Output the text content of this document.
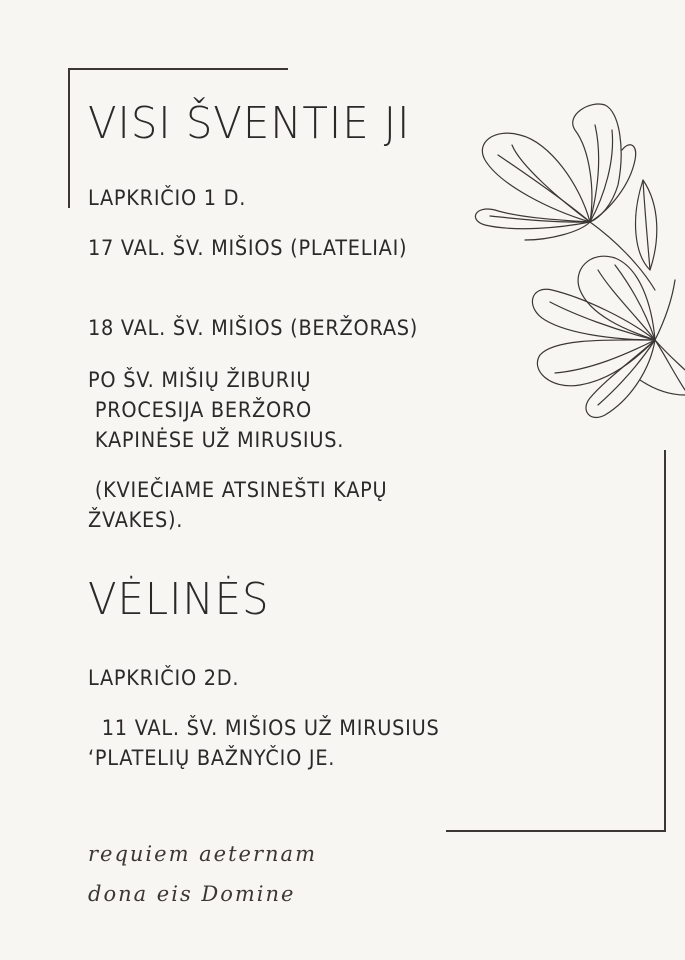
VISI ŠVENTIE JI
LAPKRIČIO 1 D.
17 VAL. ŠV. MIŠIOS (PLATELIAI)
18 VAL. ŠV. MIŠIOS (BERŽORAS)
PO ŠV. MIŠIŲ ŽIBURIŲ
PROCESIJA BERŽORO
KAPINĖSE UŽ MIRUSIUS.
(KVIEČIAME ATSINEŠTI KAPŲ
ŽVAKES).
VĖLINĖS
LAPKRIČIO 2D.
11 VAL. ŠV. MIŠIOS UŽ MIRUSIUS
‘PLATELIŲ BAŽNYČIO JE.
requiem aeternam
dona eis Domine
